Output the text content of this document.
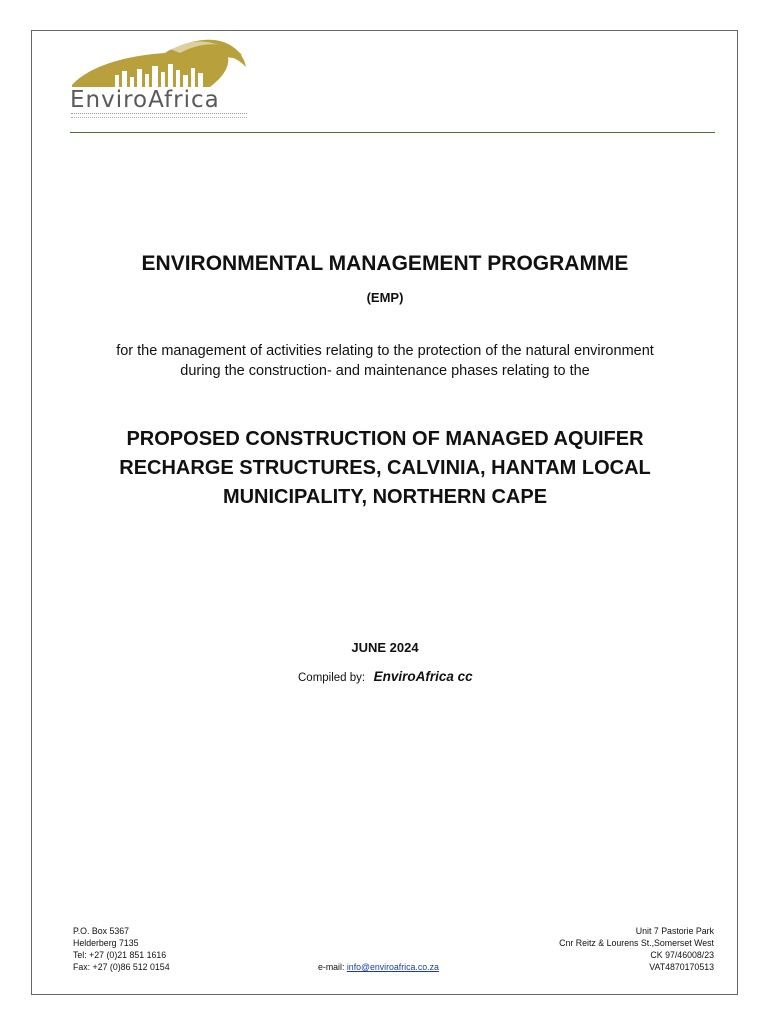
EnviroAfrica
ENVIRONMENTAL MANAGEMENT PROGRAMME
(EMP)
for the management of activities relating to the protection of the natural environment
during the construction- and maintenance phases relating to the
PROPOSED CONSTRUCTION OF MANAGED AQUIFER
RECHARGE STRUCTURES, CALVINIA, HANTAM LOCAL
MUNICIPALITY, NORTHERN CAPE
JUNE 2024
Compiled by: EnviroAfrica cc
P.O. Box 5367
Helderberg 7135
Tel: +27 (0)21 851 1616
Fax: +27 (0)86 512 0154	e-mail: info@enviroafrica.co.za
Unit 7 Pastorie Park
Cnr Reitz & Lourens St.,Somerset West
CK 97/46008/23
VAT4870170513
